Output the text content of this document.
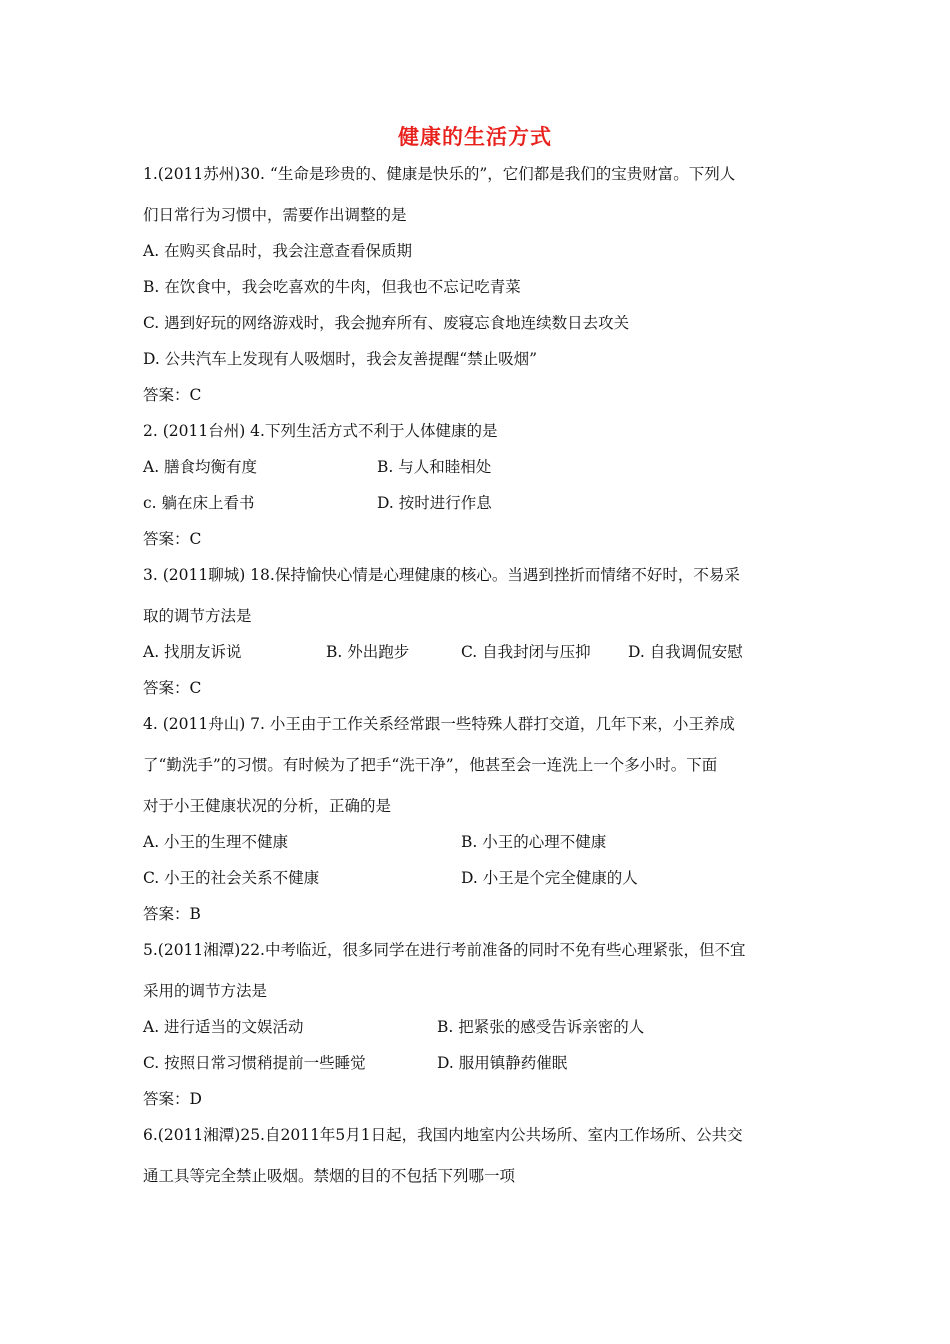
健康的生活方式
1.(2011苏州)30. “生命是珍贵的、健康是快乐的”，它们都是我们的宝贵财富。下列人
们日常行为习惯中，需要作出调整的是
A. 在购买食品时，我会注意查看保质期
B. 在饮食中，我会吃喜欢的牛肉，但我也不忘记吃青菜
C. 遇到好玩的网络游戏时，我会抛弃所有、废寝忘食地连续数日去攻关
D. 公共汽车上发现有人吸烟时，我会友善提醒“禁止吸烟”
答案：C
2. (2011台州) 4.下列生活方式不利于人体健康的是
A. 膳食均衡有度	B. 与人和睦相处
c. 躺在床上看书	D. 按时进行作息
答案：C
3. (2011聊城) 18.保持愉快心情是心理健康的核心。当遇到挫折而情绪不好时，不易采
取的调节方法是
A. 找朋友诉说	B. 外出跑步	C. 自我封闭与压抑 D. 自我调侃安慰
答案：C
4. (2011舟山) 7. 小王由于工作关系经常跟一些特殊人群打交道，几年下来，小王养成
了“勤洗手”的习惯。有时候为了把手“洗干净”，他甚至会一连洗上一个多小时。下面
对于小王健康状况的分析，正确的是
A. 小王的生理不健康	B. 小王的心理不健康
C. 小王的社会关系不健康	D. 小王是个完全健康的人
答案：B
5.(2011湘潭)22.中考临近，很多同学在进行考前准备的同时不免有些心理紧张，但不宜
采用的调节方法是
A. 进行适当的文娱活动	B. 把紧张的感受告诉亲密的人
C. 按照日常习惯稍提前一些睡觉	D. 服用镇静药催眠
答案：D
6.(2011湘潭)25.自2011年5月1日起，我国内地室内公共场所、室内工作场所、公共交
通工具等完全禁止吸烟。禁烟的目的不包括下列哪一项
